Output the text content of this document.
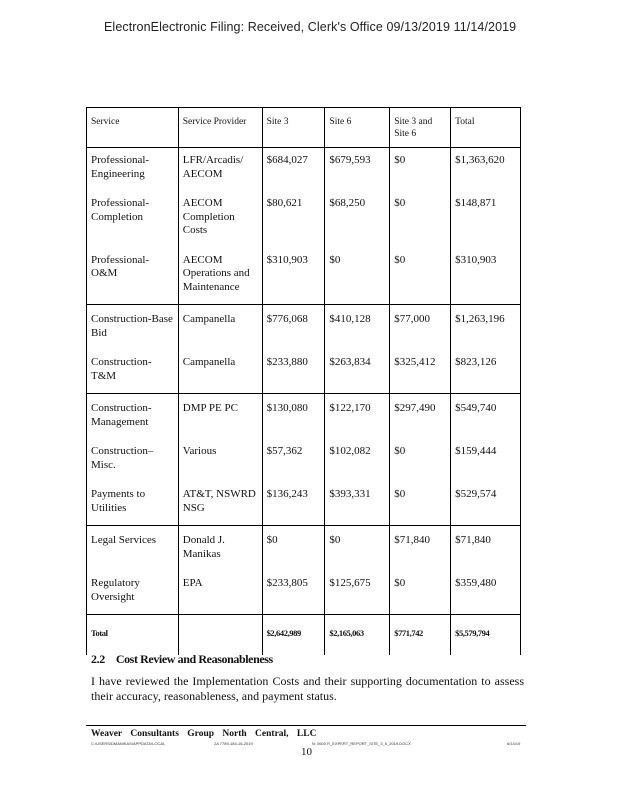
ElectronElectronic Filing: Received, Clerk's Office 09/13/2019 11/14/2019
Service	Service Provider	Site 3	Site 6	Site 3 and Site 6	Total
Professional-Engineering	LFR/Arcadis/ AECOM	$684,027	$679,593	$0	$1,363,620
Professional-Completion	AECOM Completion Costs	$80,621	$68,250	$0	$148,871
Professional-O&M	AECOM Operations and Maintenance	$310,903	$0	$0	$310,903
Construction-Base Bid	Campanella	$776,068	$410,128	$77,000	$1,263,196
Construction-T&M	Campanella	$233,880	$263,834	$325,412	$823,126
Construction-Management	DMP PE PC	$130,080	$122,170	$297,490	$549,740
Construction–Misc.	Various	$57,362	$102,082	$0	$159,444
Payments to Utilities	AT&T, NSWRD NSG	$136,243	$393,331	$0	$529,574
Legal Services	Donald J. Manikas	$0	$0	$71,840	$71,840
Regulatory Oversight	EPA	$233,805	$125,675	$0	$359,480
Total		$2,642,989	$2,165,063	$771,742	$5,579,794
2.2 Cost Review and Reasonableness
I have reviewed the Implementation Costs and their supporting documentation to assess their accuracy, reasonableness, and payment status.
Weaver Consultants Group North Central, LLC
C:\USERS\DMANIKAS\APPDATA\LOCAL	2A 7789-184-16-2019	N: 0600 R_EXPERT_REPORT_SITE_3_6_2019.DOCX	6/14/19
10
